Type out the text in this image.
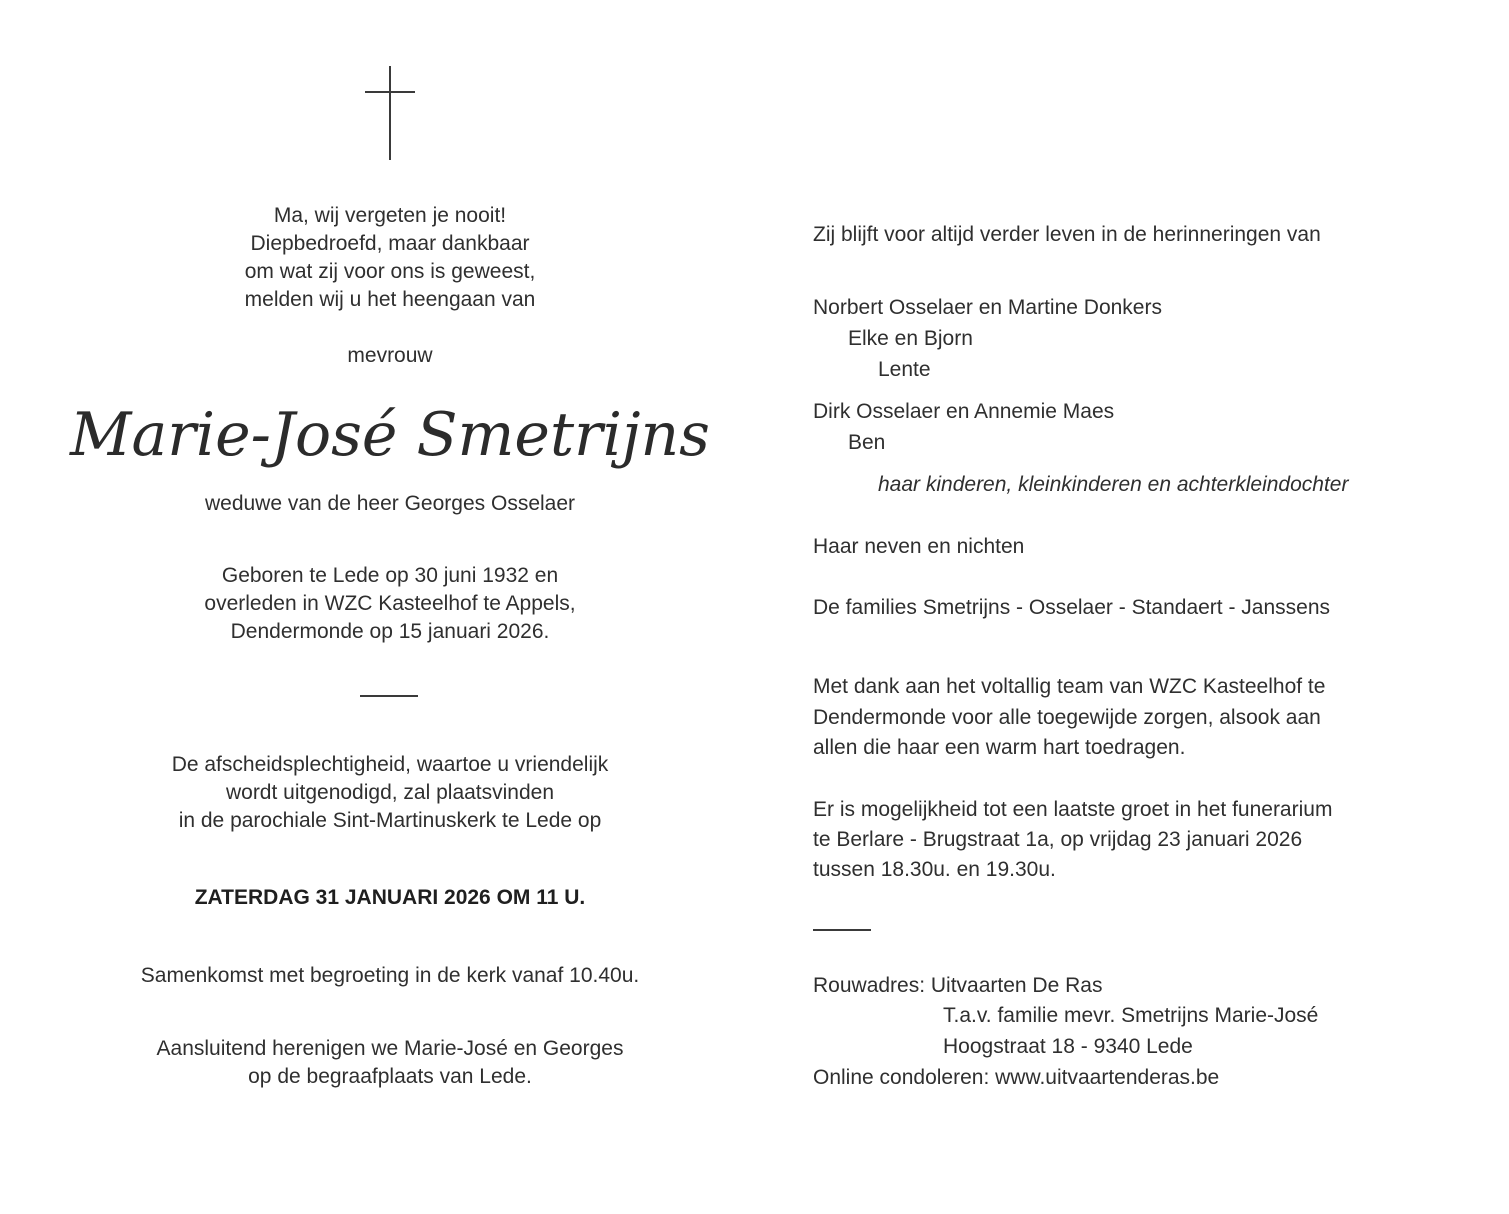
Ma, wij vergeten je nooit!
Diepbedroefd, maar dankbaar
om wat zij voor ons is geweest,
melden wij u het heengaan van
mevrouw
Marie-José Smetrijns
weduwe van de heer Georges Osselaer
Geboren te Lede op 30 juni 1932 en
overleden in WZC Kasteelhof te Appels,
Dendermonde op 15 januari 2026.
De afscheidsplechtigheid, waartoe u vriendelijk
wordt uitgenodigd, zal plaatsvinden
in de parochiale Sint-Martinuskerk te Lede op
ZATERDAG 31 JANUARI 2026 OM 11 U.
Samenkomst met begroeting in de kerk vanaf 10.40u.
Aansluitend herenigen we Marie-José en Georges
op de begraafplaats van Lede.
Zij blijft voor altijd verder leven in de herinneringen van
Norbert Osselaer en Martine Donkers
Elke en Bjorn
Lente
Dirk Osselaer en Annemie Maes
Ben
haar kinderen, kleinkinderen en achterkleindochter
Haar neven en nichten
De families Smetrijns - Osselaer - Standaert - Janssens
Met dank aan het voltallig team van WZC Kasteelhof te
Dendermonde voor alle toegewijde zorgen, alsook aan
allen die haar een warm hart toedragen.
Er is mogelijkheid tot een laatste groet in het funerarium
te Berlare - Brugstraat 1a, op vrijdag 23 januari 2026
tussen 18.30u. en 19.30u.
Rouwadres: Uitvaarten De Ras
T.a.v. familie mevr. Smetrijns Marie-José
Hoogstraat 18 - 9340 Lede
Online condoleren: www.uitvaartenderas.be
